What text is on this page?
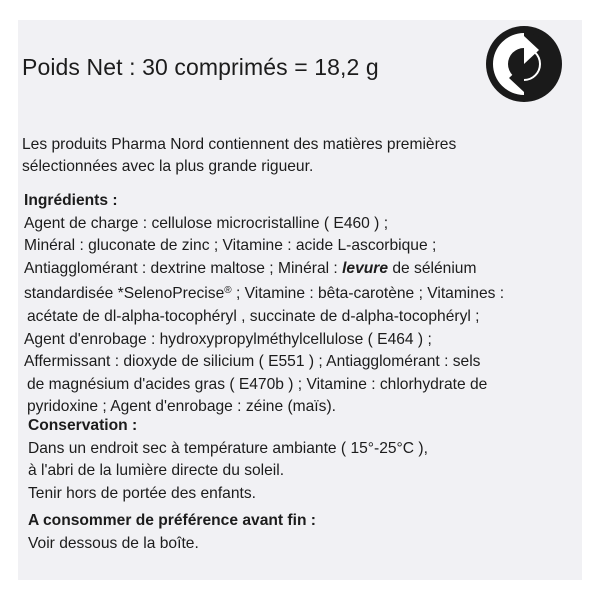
Poids Net : 30 comprimés = 18,2 g
Les produits Pharma Nord contiennent des matières premières
sélectionnées avec la plus grande rigueur.
Ingrédients :
Agent de charge : cellulose microcristalline ( E460 ) ;
Minéral : gluconate de zinc ; Vitamine : acide L-ascorbique ;
Antiagglomérant : dextrine maltose ; Minéral : levure de sélénium
standardisée *SelenoPrecise® ; Vitamine : bêta-carotène ; Vitamines :
acétate de dl-alpha-tocophéryl , succinate de d-alpha-tocophéryl ;
Agent d'enrobage : hydroxypropylméthylcellulose ( E464 ) ;
Affermissant : dioxyde de silicium ( E551 ) ; Antiagglomérant : sels
de magnésium d'acides gras ( E470b ) ; Vitamine : chlorhydrate de
pyridoxine ; Agent d'enrobage : zéine (maïs).
Conservation :
Dans un endroit sec à température ambiante ( 15°-25°C ),
à l'abri de la lumière directe du soleil.
Tenir hors de portée des enfants.
A consommer de préférence avant fin :
Voir dessous de la boîte.
